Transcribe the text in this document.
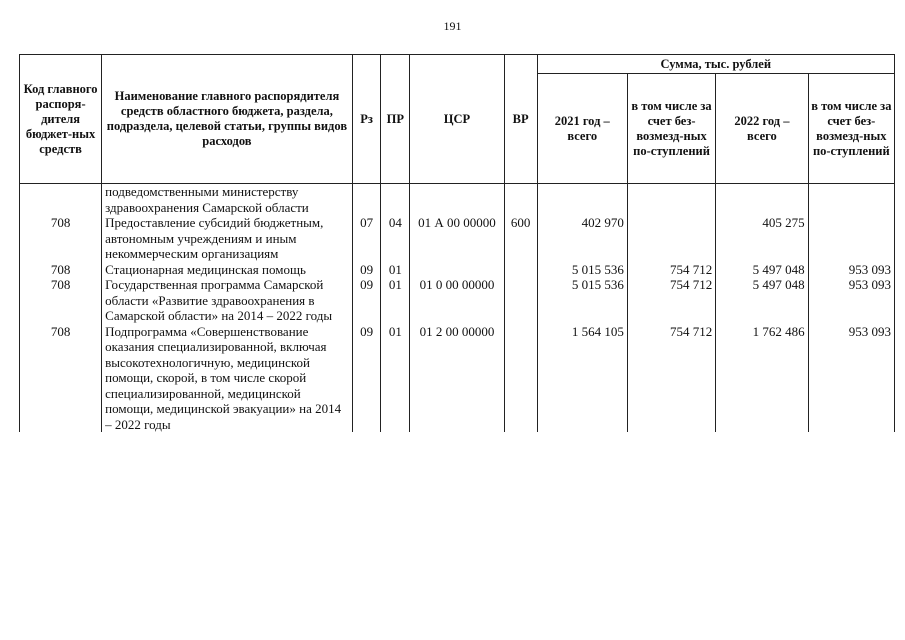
191
Код главного распоря-дителя бюджет-ных средств	Наименование главного распорядителя средств областного бюджета, раздела, подраздела, целевой статьи, группы видов расходов	Рз	ПР	ЦСР	ВР	Сумма, тыс. рублей			
						2021 год – всего	в том числе за счет без-возмезд-ных по-ступлений	2022 год – всего	в том числе за счет без-возмезд-ных по-ступлений
	подведомственными министерству здравоохранения Самарской области								
708	Предоставление субсидий бюджетным, автономным учреждениям и иным некоммерческим организациям	07	04	01 А 00 00000	600	402 970		405 275	
708	Стационарная медицинская помощь	09	01			5 015 536	754 712	5 497 048	953 093
708	Государственная программа Самарской области «Развитие здравоохранения в Самарской области» на 2014 – 2022 годы	09	01	01 0 00 00000		5 015 536	754 712	5 497 048	953 093
708	Подпрограмма «Совершенствование оказания специализированной, включая высокотехнологичную, медицинской помощи, скорой, в том числе скорой специализированной, медицинской помощи, медицинской эвакуации» на 2014 – 2022 годы	09	01	01 2 00 00000		1 564 105	754 712	1 762 486	953 093
